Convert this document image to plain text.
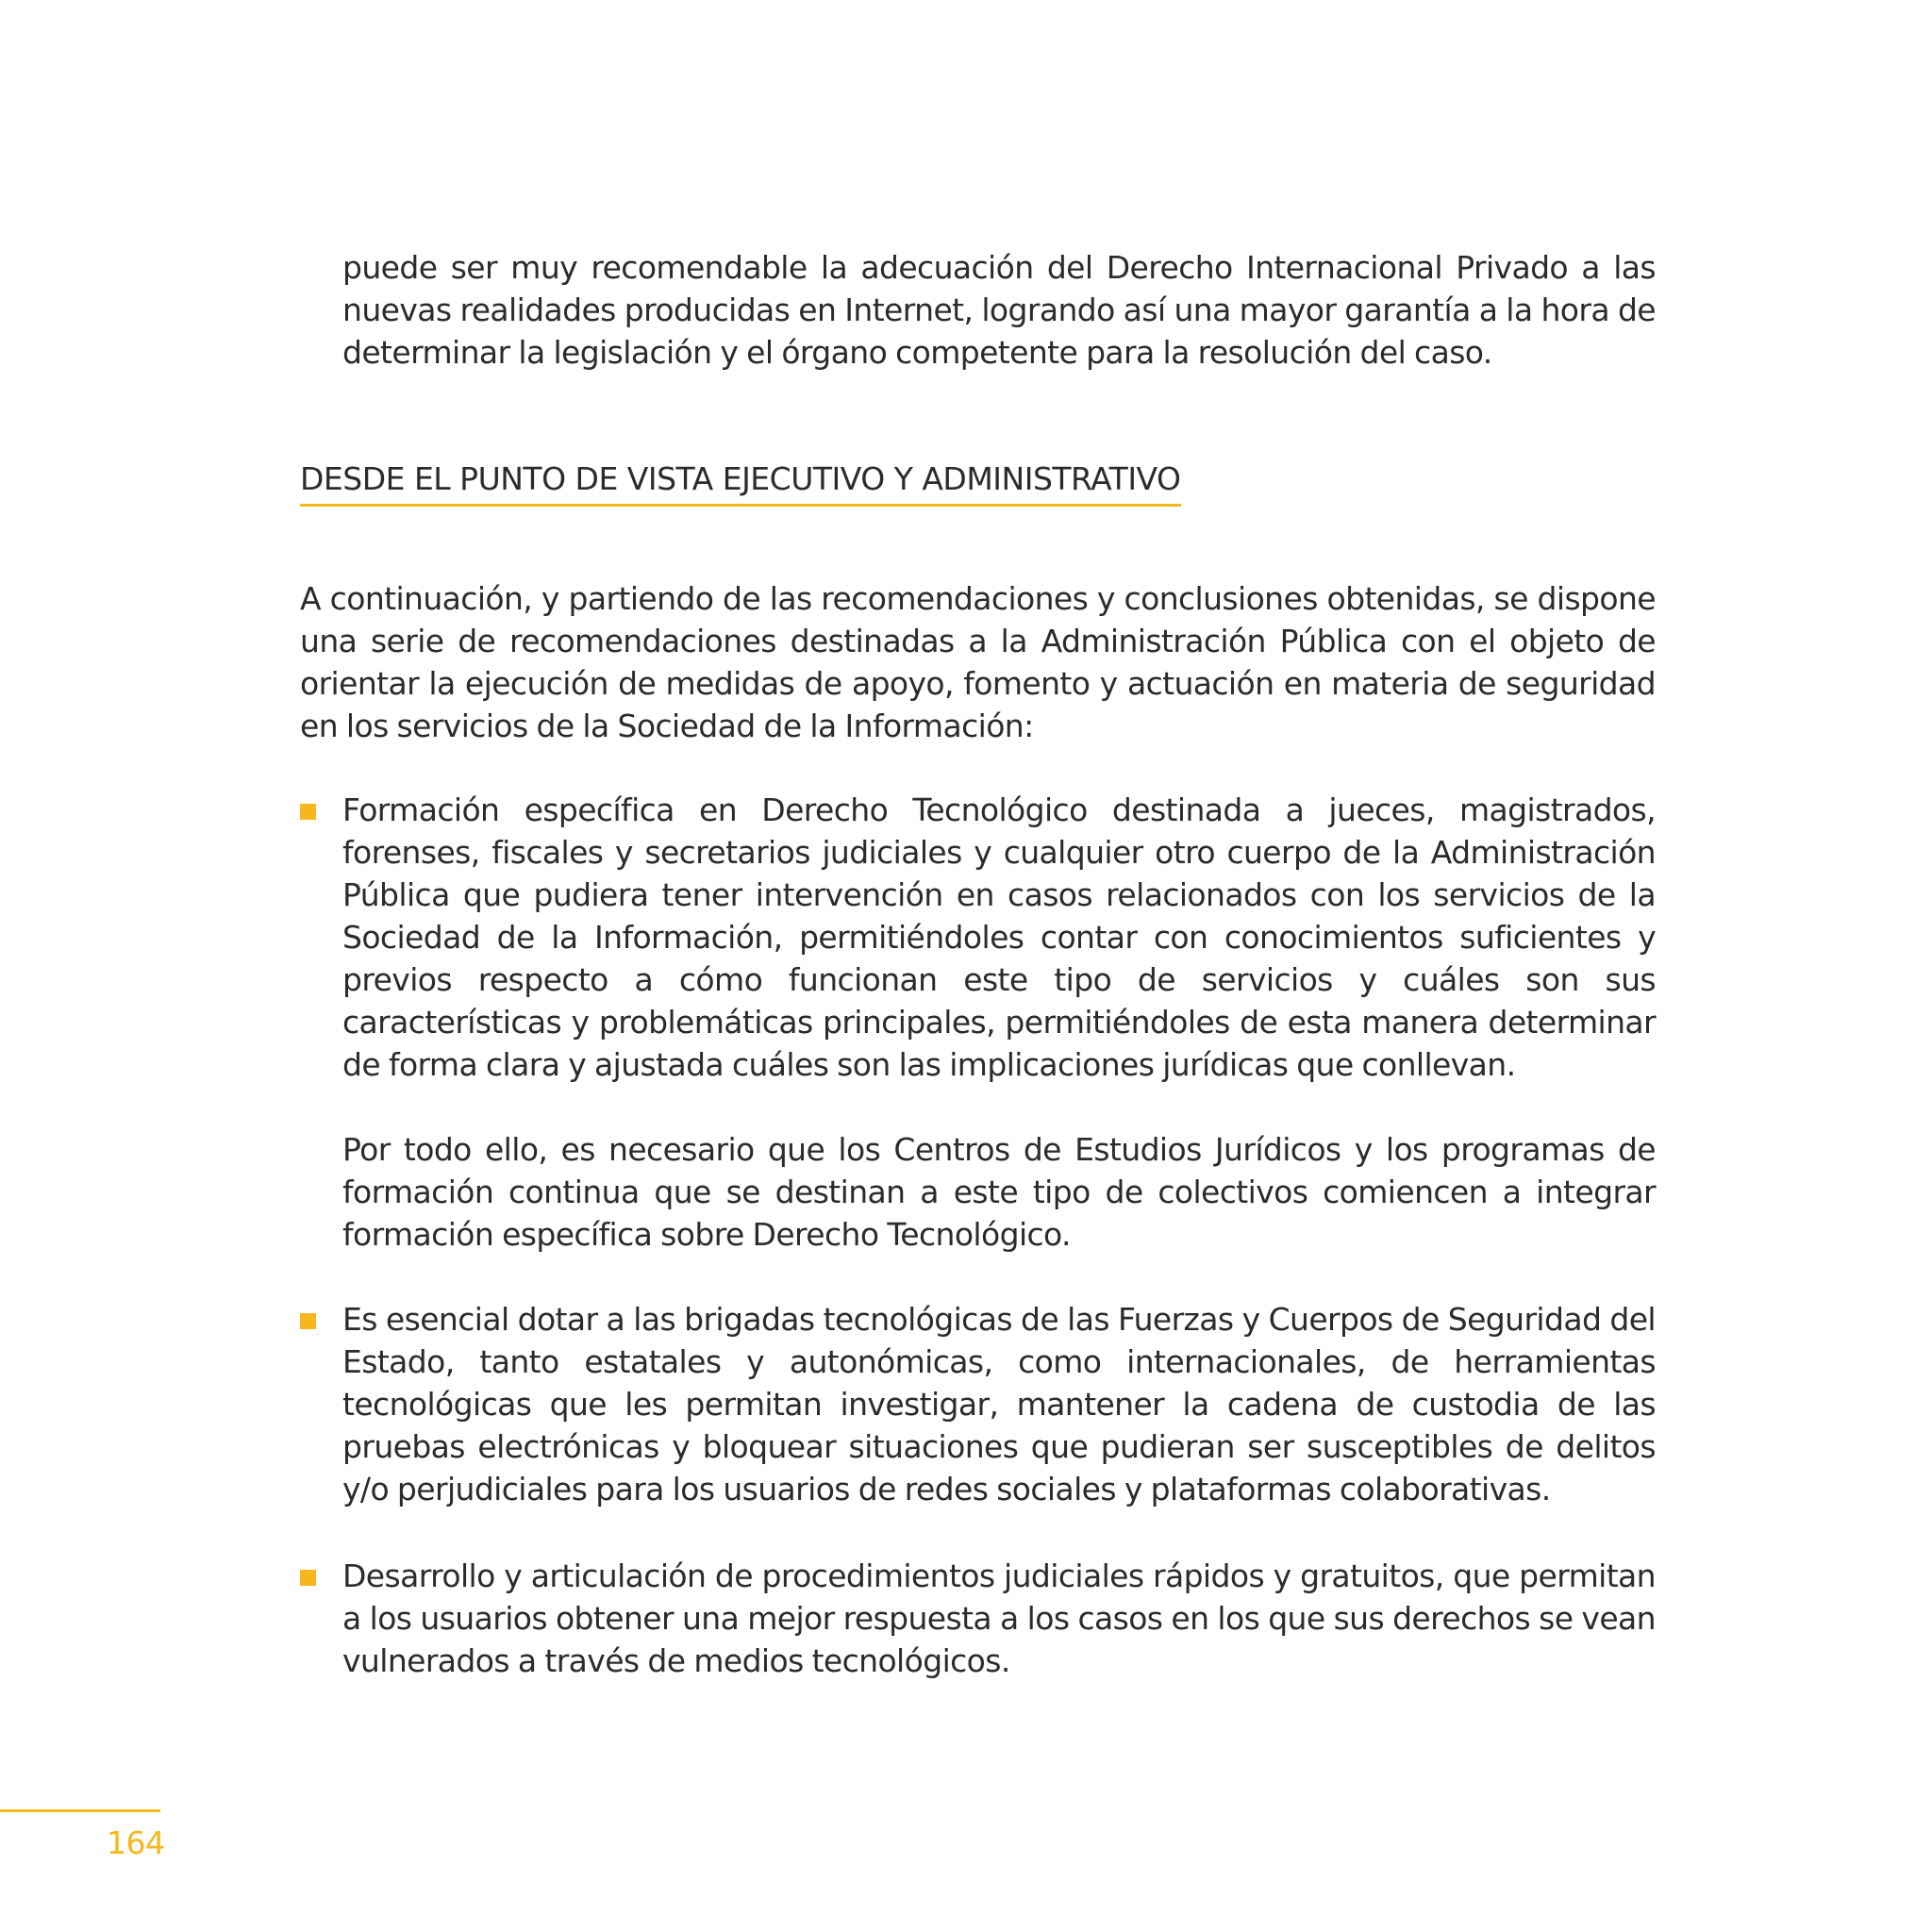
puede ser muy recomendable la adecuación del Derecho Internacional Privado a las nuevas realidades producidas en Internet, logrando así una mayor garantía a la hora de determinar la legislación y el órgano competente para la resolución del caso.

DESDE EL PUNTO DE VISTA EJECUTIVO Y ADMINISTRATIVO

A continuación, y partiendo de las recomendaciones y conclusiones obtenidas, se dispone una serie de recomendaciones destinadas a la Administración Pública con el objeto de orientar la ejecución de medidas de apoyo, fomento y actuación en materia de seguridad en los servicios de la Sociedad de la Información:

Formación específica en Derecho Tecnológico destinada a jueces, magistrados, forenses, fiscales y secretarios judiciales y cualquier otro cuerpo de la Administración Pública que pudiera tener intervención en casos relacionados con los servicios de la Sociedad de la Información, permitiéndoles contar con conocimientos suficientes y previos respecto a cómo funcionan este tipo de servicios y cuáles son sus características y problemáticas principales, permitiéndoles de esta manera determinar de forma clara y ajustada cuáles son las implicaciones jurídicas que conllevan.

Por todo ello, es necesario que los Centros de Estudios Jurídicos y los programas de formación continua que se destinan a este tipo de colectivos comiencen a integrar formación específica sobre Derecho Tecnológico.

Es esencial dotar a las brigadas tecnológicas de las Fuerzas y Cuerpos de Seguridad del Estado, tanto estatales y autonómicas, como internacionales, de herramientas tecnológicas que les permitan investigar, mantener la cadena de custodia de las pruebas electrónicas y bloquear situaciones que pudieran ser susceptibles de delitos y/o perjudiciales para los usuarios de redes sociales y plataformas colaborativas.

Desarrollo y articulación de procedimientos judiciales rápidos y gratuitos, que permitan a los usuarios obtener una mejor respuesta a los casos en los que sus derechos se vean vulnerados a través de medios tecnológicos.

164
